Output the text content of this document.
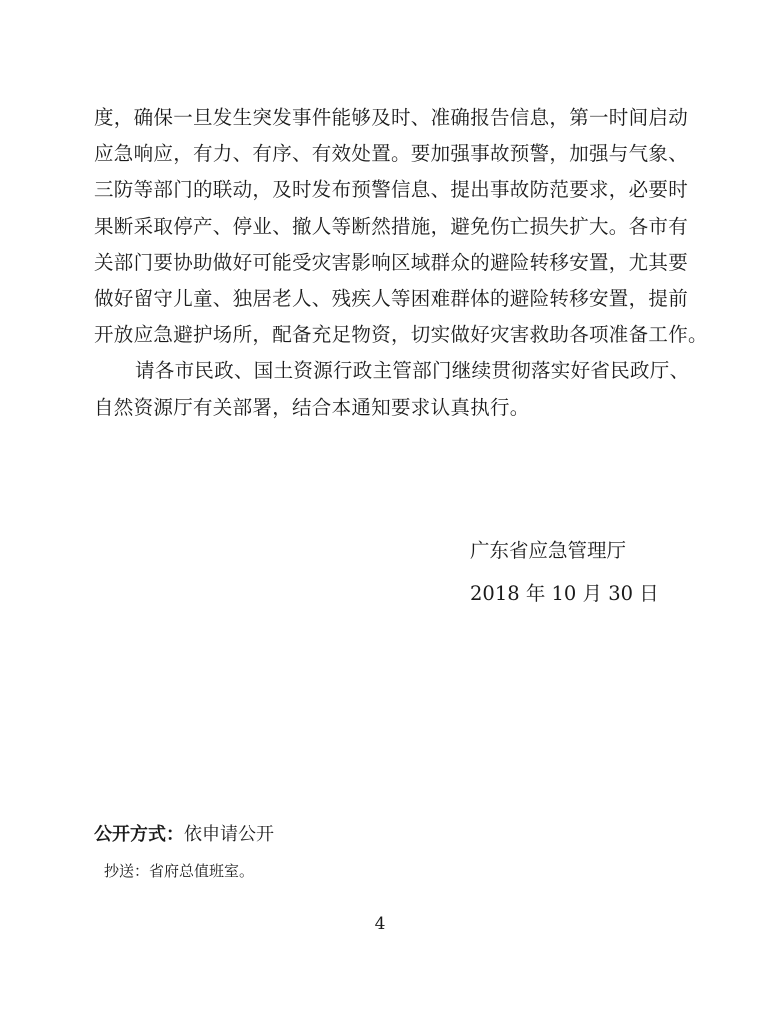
度，确保一旦发生突发事件能够及时、准确报告信息，第一时间启动
应急响应，有力、有序、有效处置。要加强事故预警，加强与气象、
三防等部门的联动，及时发布预警信息、提出事故防范要求，必要时
果断采取停产、停业、撤人等断然措施，避免伤亡损失扩大。各市有
关部门要协助做好可能受灾害影响区域群众的避险转移安置，尤其要
做好留守儿童、独居老人、残疾人等困难群体的避险转移安置，提前
开放应急避护场所，配备充足物资，切实做好灾害救助各项准备工作。
请各市民政、国土资源行政主管部门继续贯彻落实好省民政厅、
自然资源厅有关部署，结合本通知要求认真执行。
广东省应急管理厅
2018 年 10 月 30 日
公开方式：依申请公开
抄送：省府总值班室。
4
